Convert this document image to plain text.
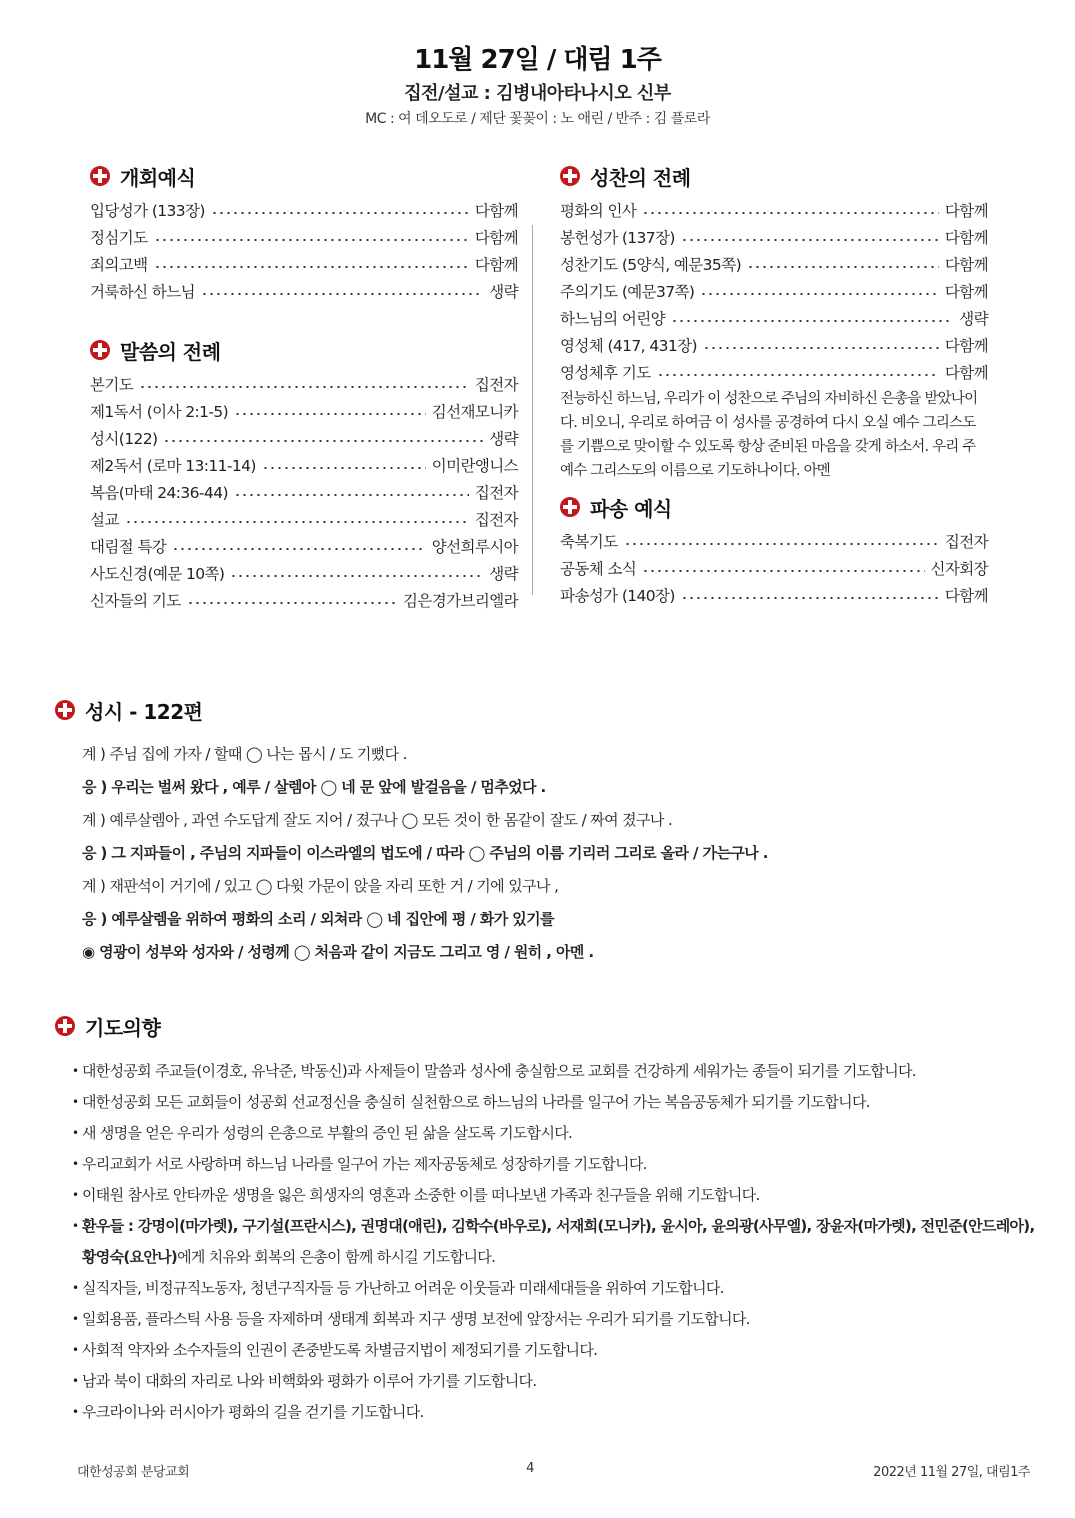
11월 27일 / 대림 1주

집전/설교 : 김병내아타나시오 신부

MC : 여 데오도로 / 제단 꽃꽂이 : 노 애린 / 반주 : 김 플로라

개회예식
입당성가 (133장)	다함께
정심기도	다함께
죄의고백	다함께
거룩하신 하느님	생략
말씀의 전례
본기도	집전자
제1독서 (이사 2:1-5)	김선재모니카
성시(122)	생략
제2독서 (로마 13:11-14)	이미란앵니스
복음(마태 24:36-44)	집전자
설교	집전자
대림절 특강	양선희루시아
사도신경(예문 10쪽)	생략
신자들의 기도	김은경가브리엘라
성찬의 전례
평화의 인사	다함께
봉헌성가 (137장)	다함께
성찬기도 (5양식, 예문35쪽)	다함께
주의기도 (예문37쪽)	다함께
하느님의 어린양	생략
영성체 (417, 431장)	다함께
영성체후 기도	다함께

전능하신 하느님, 우리가 이 성찬으로 주님의 자비하신 은총을 받았나이다. 비오니, 우리로 하여금 이 성사를 공경하여 다시 오실 예수 그리스도를 기쁨으로 맞이할 수 있도록 항상 준비된 마음을 갖게 하소서. 우리 주 예수 그리스도의 이름으로 기도하나이다. 아멘

파송 예식
축복기도	집전자
공동체 소식	신자회장
파송성가 (140장)	다함께
성시 - 122편
계 ) 주님 집에 가자 / 할때 ◯ 나는 몹시 / 도 기뻤다 .
응 ) 우리는 벌써 왔다 , 예루 / 살렘아 ◯ 네 문 앞에 발걸음을 / 멈추었다 .
계 ) 예루살렘아 , 과연 수도답게 잘도 지어 / 졌구나 ◯ 모든 것이 한 몸같이 잘도 / 짜여 졌구나 .
응 ) 그 지파들이 , 주님의 지파들이 이스라엘의 법도에 / 따라 ◯ 주님의 이름 기리러 그리로 올라 / 가는구나 .
계 ) 재판석이 거기에 / 있고 ◯ 다윗 가문이 앉을 자리 또한 거 / 기에 있구나 ,
응 ) 예루살렘을 위하여 평화의 소리 / 외쳐라 ◯ 네 집안에 평 / 화가 있기를
◉ 영광이 성부와 성자와 / 성령께 ◯ 처음과 같이 지금도 그리고 영 / 원히 , 아멘 .
기도의향
• 대한성공회 주교들(이경호, 유낙준, 박동신)과 사제들이 말씀과 성사에 충실함으로 교회를 건강하게 세워가는 종들이 되기를 기도합니다.
• 대한성공회 모든 교회들이 성공회 선교정신을 충실히 실천함으로 하느님의 나라를 일구어 가는 복음공동체가 되기를 기도합니다.
• 새 생명을 얻은 우리가 성령의 은총으로 부활의 증인 된 삶을 살도록 기도합시다.
• 우리교회가 서로 사랑하며 하느님 나라를 일구어 가는 제자공동체로 성장하기를 기도합니다.
• 이태원 참사로 안타까운 생명을 잃은 희생자의 영혼과 소중한 이를 떠나보낸 가족과 친구들을 위해 기도합니다.
• 환우들 : 강명이(마가렛), 구기설(프란시스), 권명대(애린), 김학수(바우로), 서재희(모니카), 윤시아, 윤의광(사무엘), 장윤자(마가렛), 전민준(안드레아), 황영숙(요안나)에게 치유와 회복의 은총이 함께 하시길 기도합니다.
• 실직자들, 비정규직노동자, 청년구직자들 등 가난하고 어려운 이웃들과 미래세대들을 위하여 기도합니다.
• 일회용품, 플라스틱 사용 등을 자제하며 생태계 회복과 지구 생명 보전에 앞장서는 우리가 되기를 기도합니다.
• 사회적 약자와 소수자들의 인권이 존중받도록 차별금지법이 제정되기를 기도합니다.
• 남과 북이 대화의 자리로 나와 비핵화와 평화가 이루어 가기를 기도합니다.
• 우크라이나와 러시아가 평화의 길을 걷기를 기도합니다.
대한성공회 분당교회	4	2022년 11월 27일, 대림1주
